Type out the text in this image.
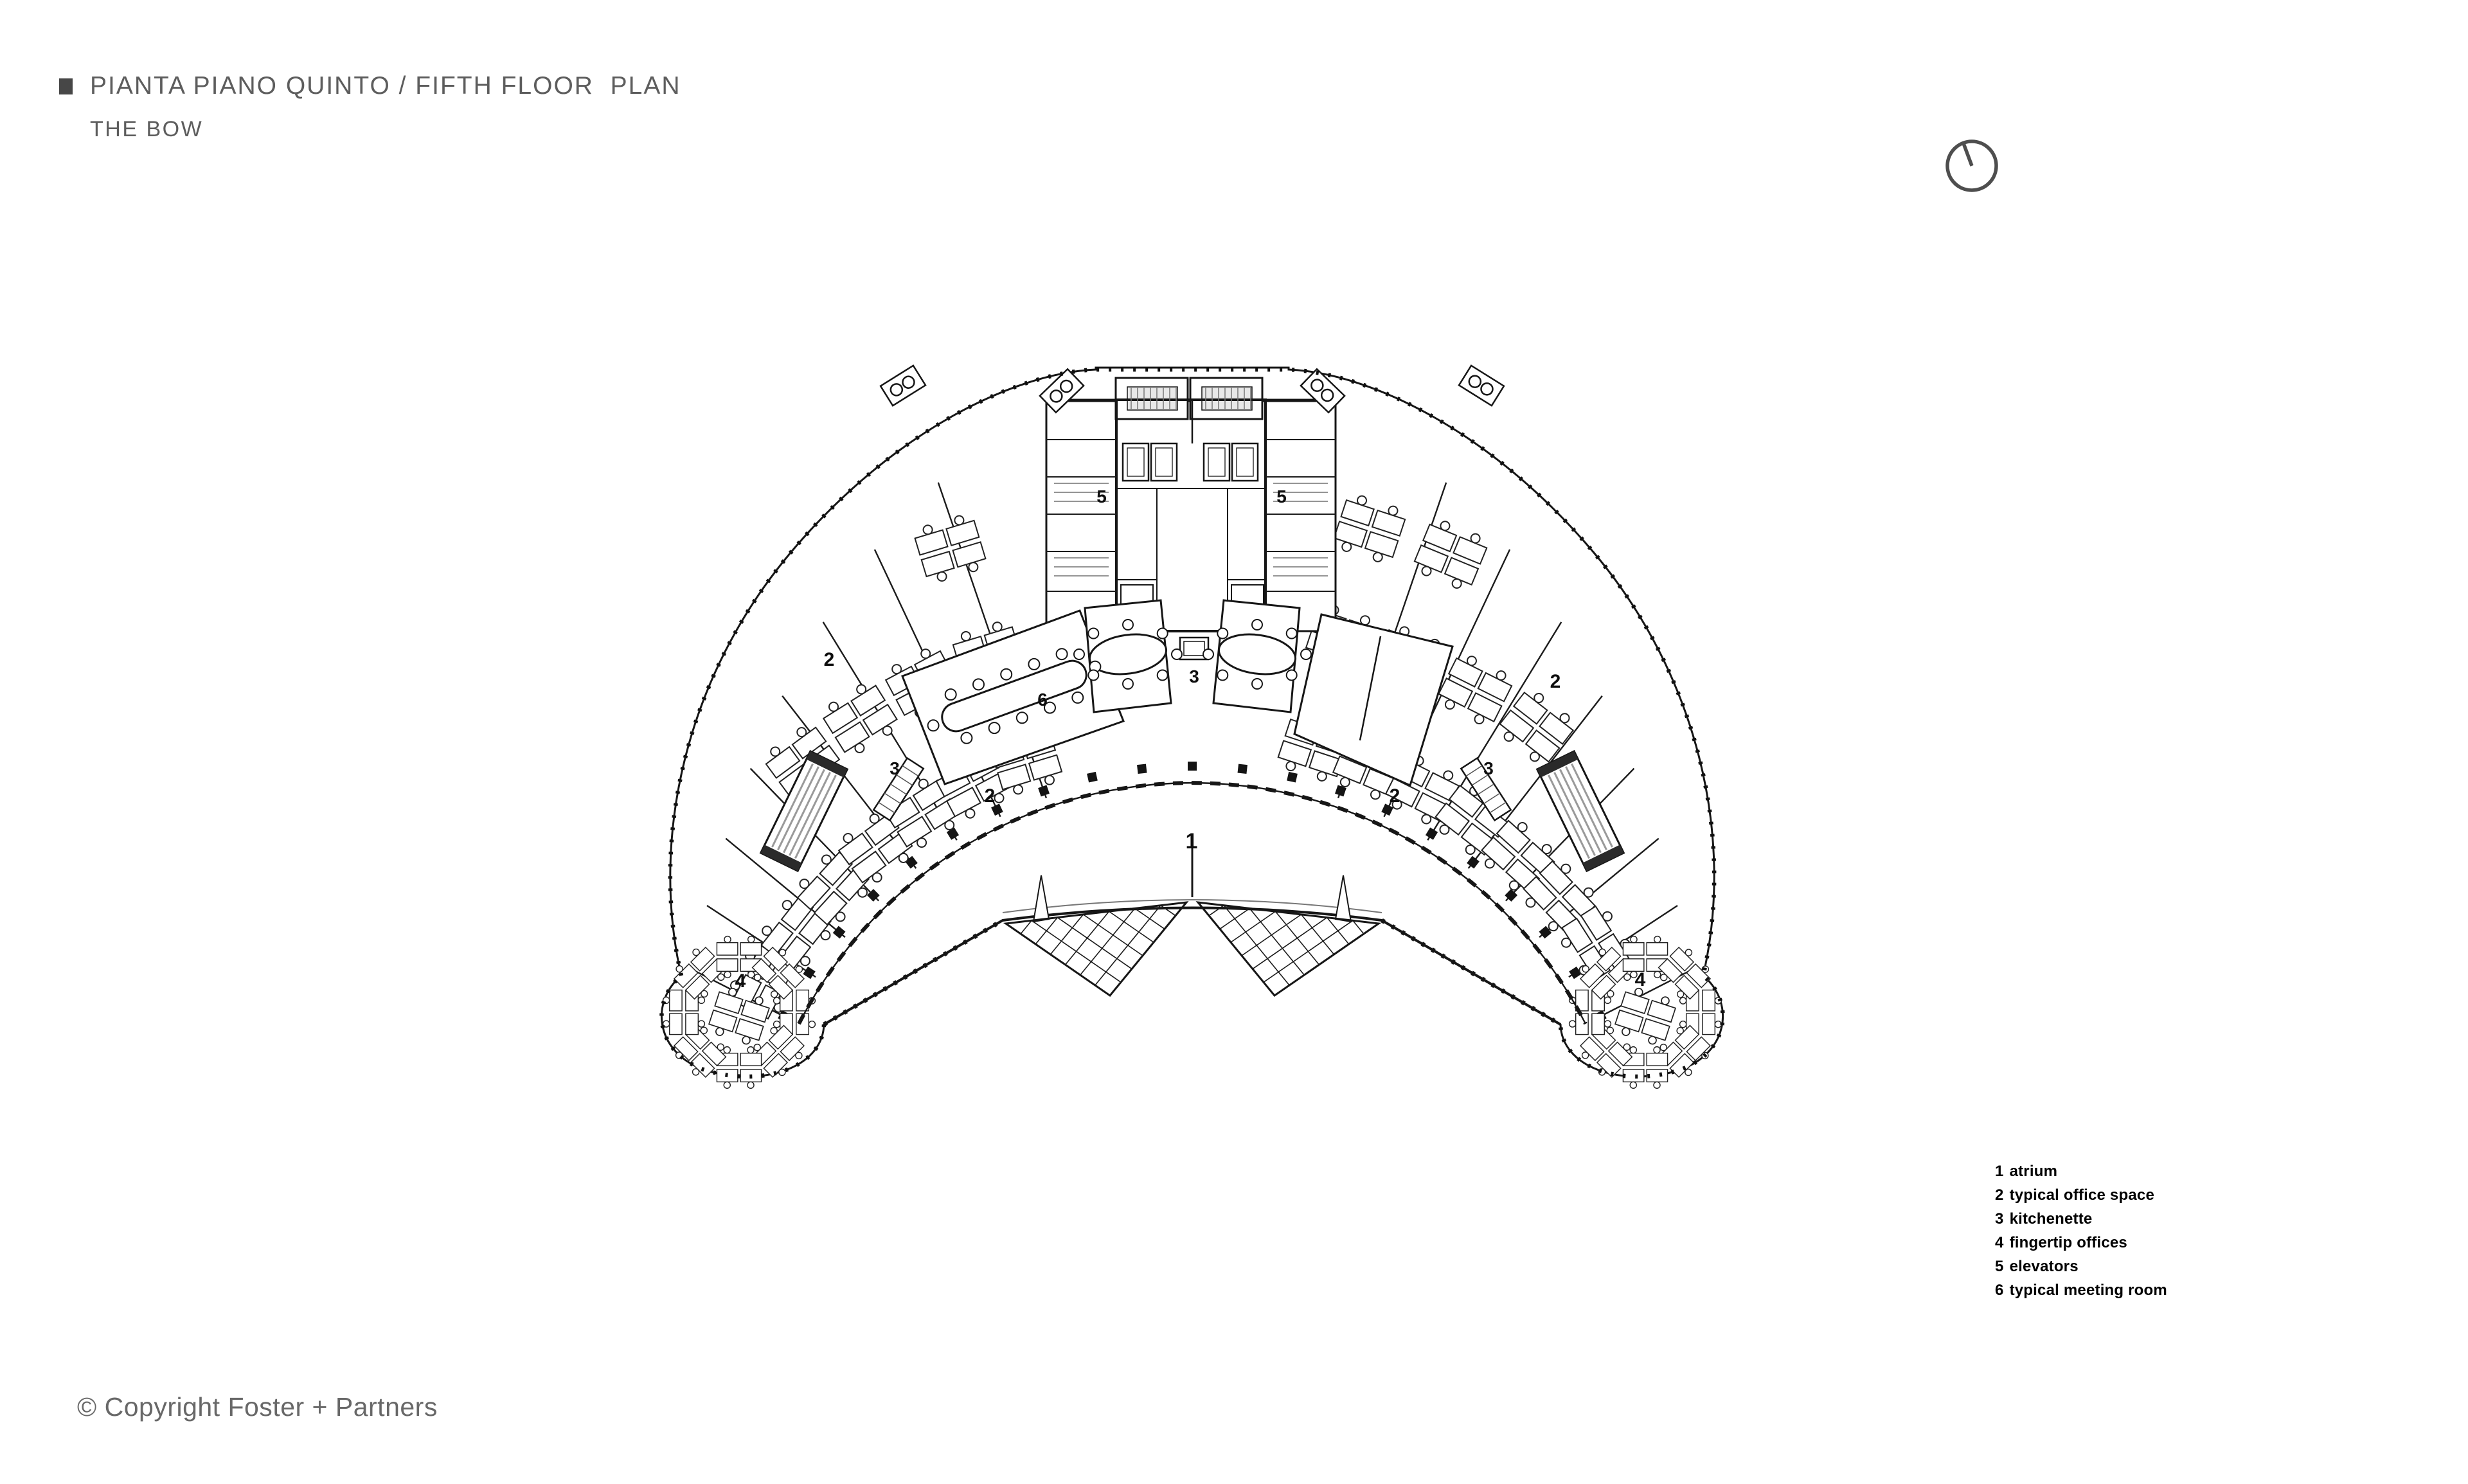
PIANTA PIANO QUINTO / FIFTH FLOOR  PLAN
THE BOW
1
2
2	2
2
3
3
3
4	4
5	5
6
1 atrium
2 typical office space
3 kitchenette
4 fingertip offices
5 elevators
6 typical meeting room
© Copyright Foster + Partners
